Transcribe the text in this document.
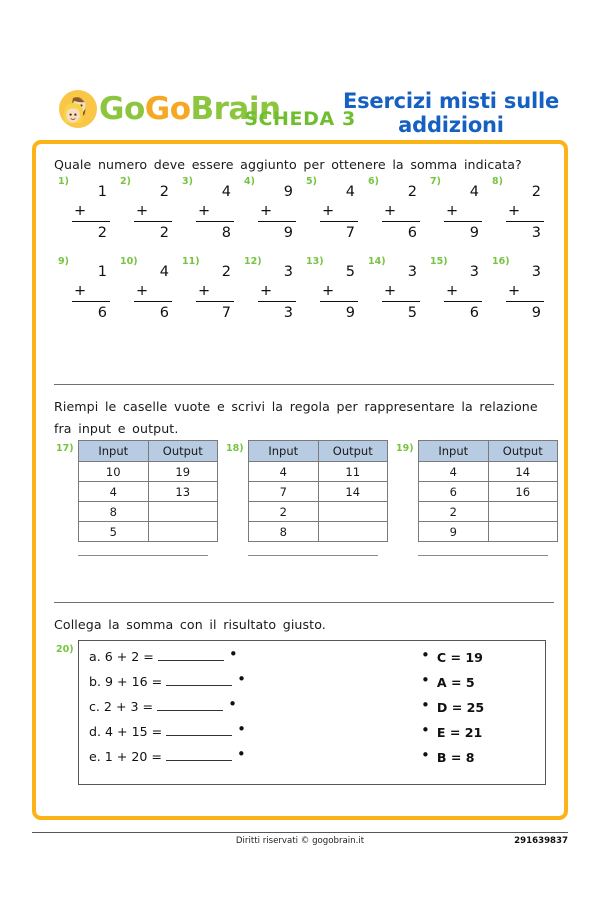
GoGoBrain	Esercizi misti sulle addizioni
SCHEDA 3
Quale numero deve essere aggiunto per ottenere la somma indicata?
1)
1
+
2
2)
2
+
2
3)
4
+
8
4)
9
+
9
5)
4
+
7
6)
2
+
6
7)
4
+
9
8)
2
+
3
9)
1
+
6
10)
4
+
6
11)
2
+
7
12)
3
+
3
13)
5
+
9
14)
3
+
5
15)
3
+
6
16)
3
+
9
Riempi le caselle vuote e scrivi la regola per rappresentare la relazione fra input e output.
17)	Input	Output
10	19
4	13
8	
5	
18)	Input	Output
4	11
7	14
2	
8	
19)	Input	Output
4	14
6	16
2	
9	
Collega la somma con il risultato giusto.
20)	a. 6 + 2 =	•
b. 9 + 16 =	•
c. 2 + 3 =	•
d. 4 + 15 =	•
e. 1 + 20 =	•
• C = 19
• A = 5
• D = 25
• E = 21
• B = 8
Diritti riservati © gogobrain.it	291639837
